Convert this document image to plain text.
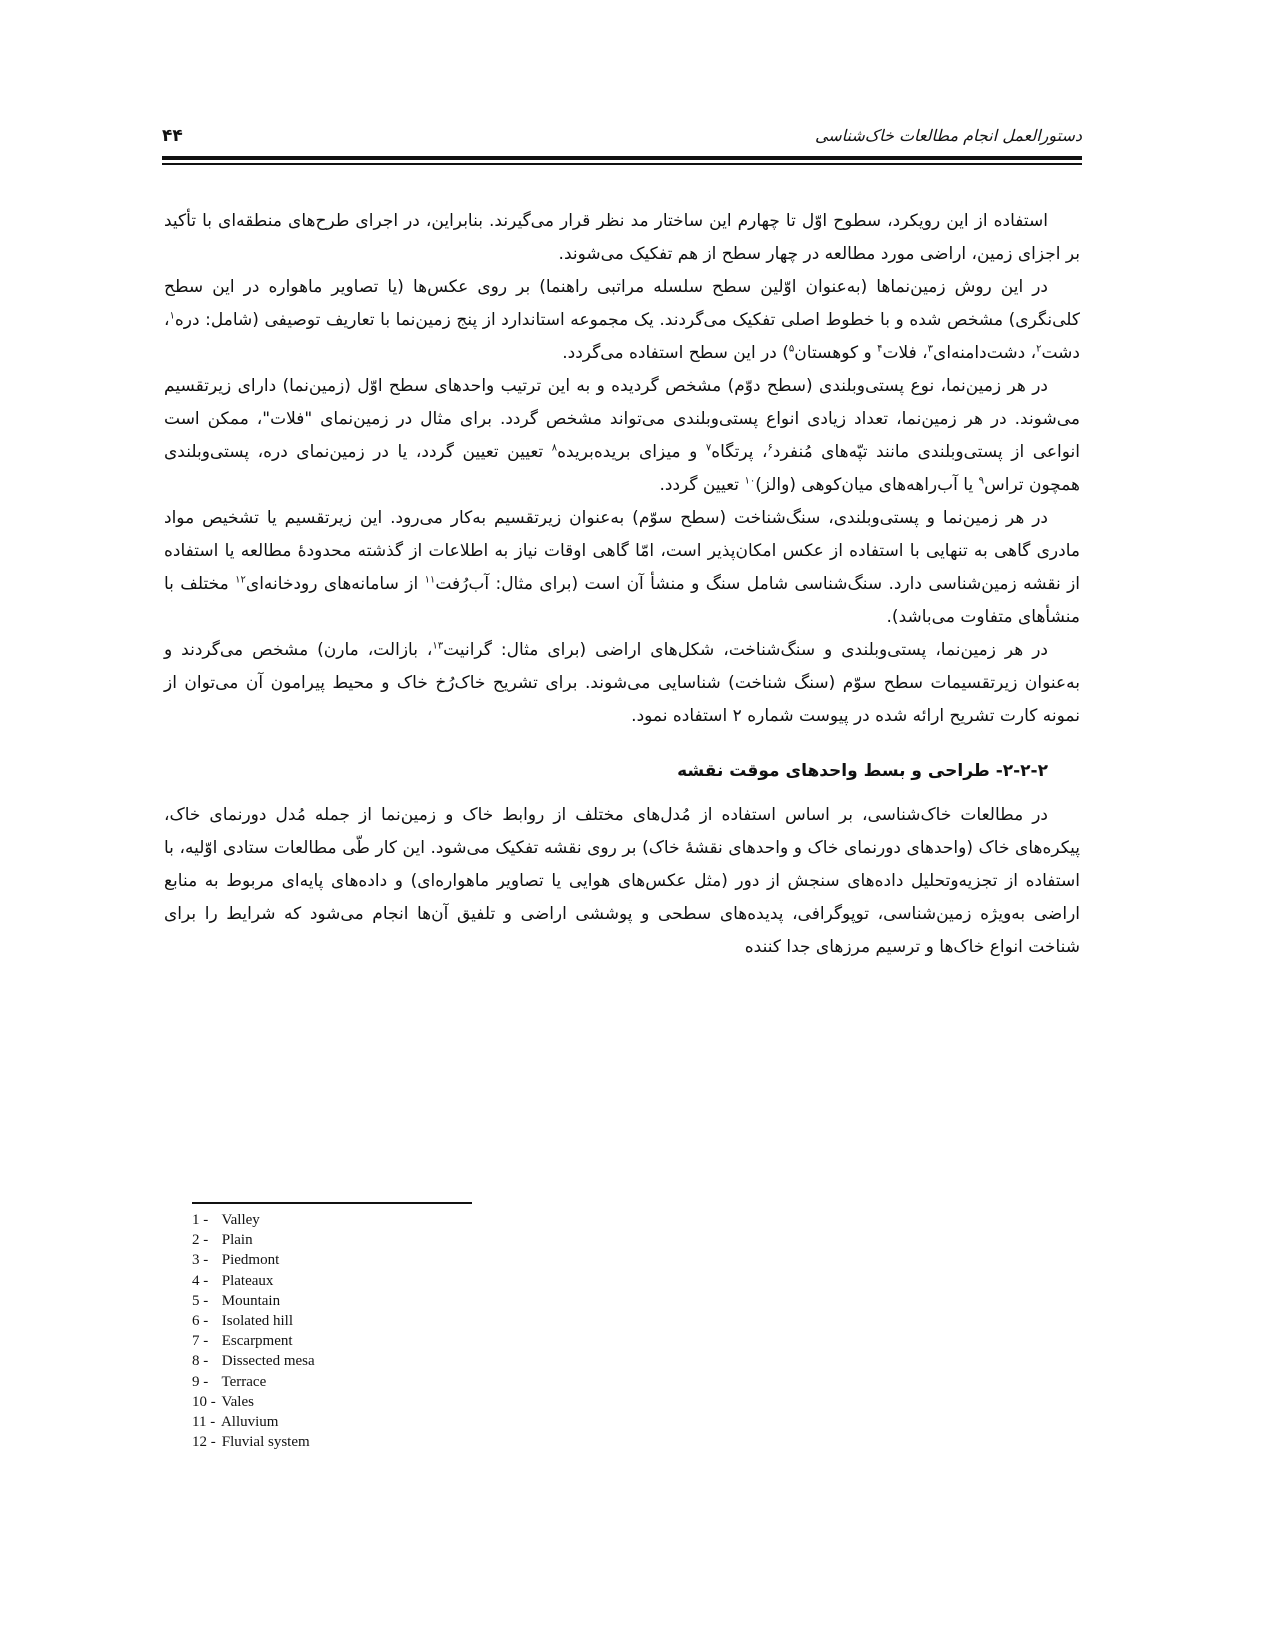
۴۴	دستورالعمل انجام مطالعات خاک‌شناسی

استفاده از این رویکرد، سطوح اوّل تا چهارم این ساختار مد نظر قرار می‌گیرند. بنابراین، در اجرای طرح‌های منطقه‌ای با تأکید بر اجزای زمین، اراضی مورد مطالعه در چهار سطح از هم تفکیک می‌شوند.

در این روش زمین‌نماها (به‌عنوان اوّلین سطح سلسله مراتبی راهنما) بر روی عکس‌ها (یا تصاویر ماهواره در این سطح کلی‌نگری) مشخص شده و با خطوط اصلی تفکیک می‌گردند. یک مجموعه استاندارد از پنج زمین‌نما با تعاریف توصیفی (شامل: دره$^۱$، دشت$^۲$، دشت‌دامنه‌ای$^۳$، فلات$^۴$ و کوهستان$^۵$) در این سطح استفاده می‌گردد.

در هر زمین‌نما، نوع پستی‌وبلندی (سطح دوّم) مشخص گردیده و به این ترتیب واحدهای سطح اوّل (زمین‌نما) دارای زیرتقسیم می‌شوند. در هر زمین‌نما، تعداد زیادی انواع پستی‌وبلندی می‌تواند مشخص گردد. برای مثال در زمین‌نمای "فلات"، ممکن است انواعی از پستی‌وبلندی مانند تپّه‌های مُنفرد$^۶$، پرتگاه$^۷$ و میزای بریده‌بریده$^۸$ تعیین تعیین گردد، یا در زمین‌نمای دره، پستی‌وبلندی همچون تراس$^۹$ یا آب‌راهه‌های میان‌کوهی (والز)$^{۱۰}$ تعیین گردد.

در هر زمین‌نما و پستی‌وبلندی، سنگ‌شناخت (سطح سوّم) به‌عنوان زیرتقسیم به‌کار می‌رود. این زیرتقسیم یا تشخیص مواد مادری گاهی به تنهایی با استفاده از عکس امکان‌پذیر است، امّا گاهی اوقات نیاز به اطلاعات از گذشته محدودهٔ مطالعه یا استفاده از نقشه زمین‌شناسی دارد. سنگ‌شناسی شامل سنگ و منشأ آن است (برای مثال: آب‌رُفت$^{۱۱}$ از سامانه‌های رودخانه‌ای$^{۱۲}$ مختلف با منشأهای متفاوت می‌باشد).

در هر زمین‌نما، پستی‌وبلندی و سنگ‌شناخت، شکل‌های اراضی (برای مثال: گرانیت$^{۱۳}$، بازالت، مارن) مشخص می‌گردند و به‌عنوان زیرتقسیمات سطح سوّم (سنگ شناخت) شناسایی می‌شوند. برای تشریح خاک‌رُخ خاک و محیط پیرامون آن می‌توان از نمونه کارت تشریح ارائه شده در پیوست شماره ۲ استفاده نمود.

۲-۲-۲- طراحی و بسط واحدهای موقت نقشه

در مطالعات خاک‌شناسی، بر اساس استفاده از مُدل‌های مختلف از روابط خاک و زمین‌نما از جمله مُدل دورنمای خاک، پیکره‌های خاک (واحدهای دورنمای خاک و واحدهای نقشهٔ خاک) بر روی نقشه تفکیک می‌شود. این کار طّی مطالعات ستادی اوّلیه، با استفاده از تجزیه‌وتحلیل داده‌های سنجش از دور (مثل عکس‌های هوایی یا تصاویر ماهواره‌ای) و داده‌های پایه‌ای مربوط به منابع اراضی به‌ویژه زمین‌شناسی، توپوگرافی، پدیده‌های سطحی و پوششی اراضی و تلفیق آن‌ها انجام می‌شود که شرایط را برای شناخت انواع خاک‌ها و ترسیم مرزهای جدا کننده

1 - Valley
2 - Plain
3 - Piedmont
4 - Plateaux
5 - Mountain
6 - Isolated hill
7 - Escarpment
8 - Dissected mesa
9 - Terrace
10 - Vales
11 - Alluvium
12 - Fluvial system
